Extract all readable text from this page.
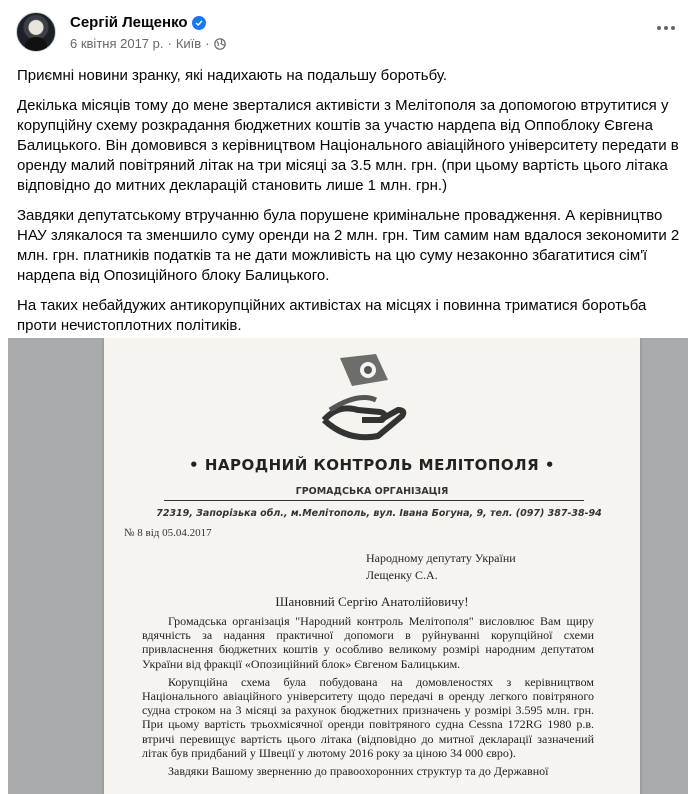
Сергій Лещенко
6 квітня 2017 р. · Київ ·

Приємні новини зранку, які надихають на подальшу боротьбу.

Декілька місяців тому до мене зверталися активісти з Мелітополя за допомогою втрутитися у корупційну схему розкрадання бюджетних коштів за участю нардепа від Оппоблоку Євгена Балицького. Він домовився з керівництвом Національного авіаційного університету передати в оренду малий повітряний літак на три місяці за 3.5 млн. грн. (при цьому вартість цього літака відповідно до митних декларацій становить лише 1 млн. грн.)

Завдяки депутатському втручанню була порушене кримінальне провадження. А керівництво НАУ злякалося та зменшило суму оренди на 2 млн. грн. Тим самим нам вдалося зекономити 2 млн. грн. платників податків та не дати можливість на цю суму незаконно збагатитися сім'ї нардепа від Опозиційного блоку Балицького.

На таких небайдужих антикорупційних активістах на місцях і повинна триматися боротьба проти нечистоплотних політиків.

• НАРОДНИЙ КОНТРОЛЬ МЕЛІТОПОЛЯ •
ГРОМАДСЬКА ОРГАНІЗАЦІЯ
72319, Запорізька обл., м.Мелітополь, вул. Івана Богуна, 9, тел. (097) 387-38-94
№ 8 від 05.04.2017
Народному депутату України
Лещенку С.А.
Шановний Сергію Анатолійовичу!

Громадська організація "Народний контроль Мелітополя" висловлює Вам щиру вдячність за надання практичної допомоги в руйнуванні корупційної схеми привласнення бюджетних коштів у особливо великому розмірі народним депутатом України від фракції «Опозиційний блок» Євгеном Балицьким.

Корупційна схема була побудована на домовленостях з керівництвом Національного авіаційного університету щодо передачі в оренду легкого повітряного судна строком на 3 місяці за рахунок бюджетних призначень у розмірі 3.595 млн. грн. При цьому вартість трьохмісячної оренди повітряного судна Cessna 172RG 1980 р.в. втричі перевищує вартість цього літака (відповідно до митної декларації зазначений літак був придбаний у Швеції у лютому 2016 року за ціною 34 000 євро).

Завдяки Вашому зверненню до правоохоронних структур та до Державної
